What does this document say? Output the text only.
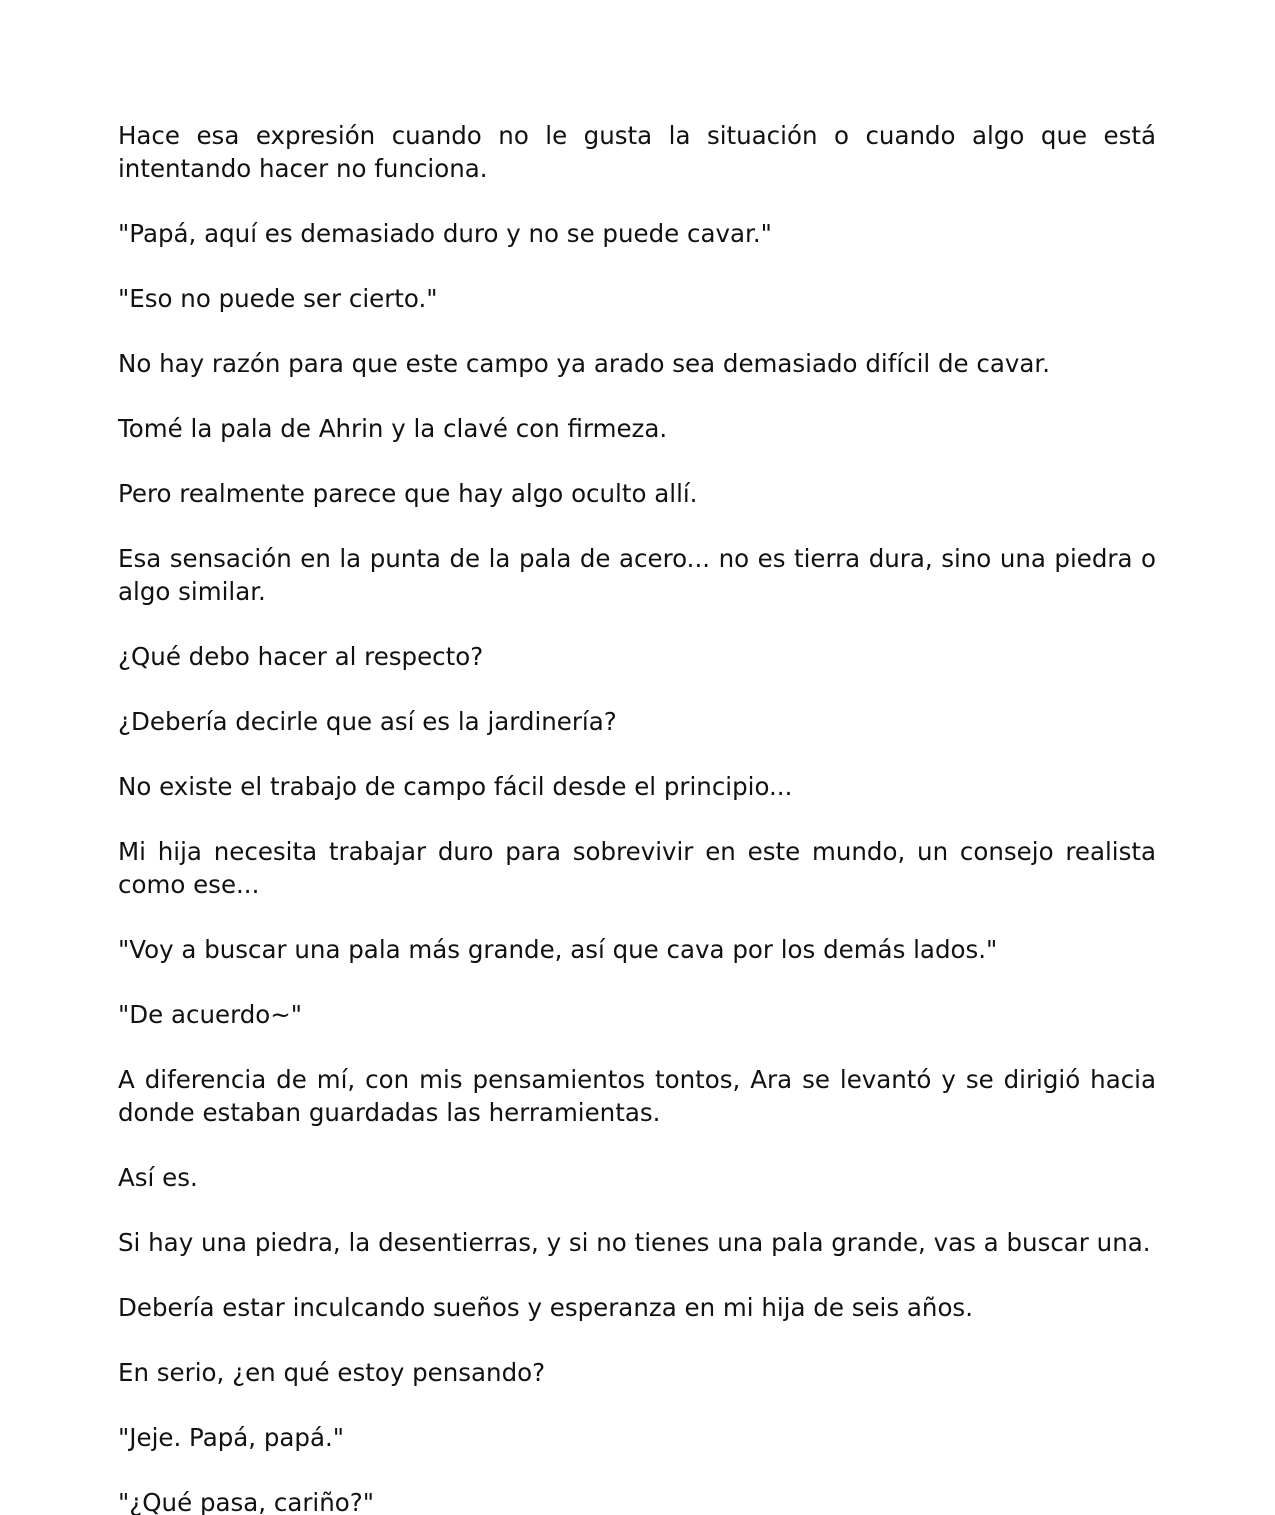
Hace esa expresión cuando no le gusta la situación o cuando algo que está intentando hacer no funciona.

"Papá, aquí es demasiado duro y no se puede cavar."

"Eso no puede ser cierto."

No hay razón para que este campo ya arado sea demasiado difícil de cavar.

Tomé la pala de Ahrin y la clavé con firmeza.

Pero realmente parece que hay algo oculto allí.

Esa sensación en la punta de la pala de acero... no es tierra dura, sino una piedra o algo similar.

¿Qué debo hacer al respecto?

¿Debería decirle que así es la jardinería?

No existe el trabajo de campo fácil desde el principio...

Mi hija necesita trabajar duro para sobrevivir en este mundo, un consejo realista como ese...

"Voy a buscar una pala más grande, así que cava por los demás lados."

"De acuerdo~"

A diferencia de mí, con mis pensamientos tontos, Ara se levantó y se dirigió hacia donde estaban guardadas las herramientas.

Así es.

Si hay una piedra, la desentierras, y si no tienes una pala grande, vas a buscar una.

Debería estar inculcando sueños y esperanza en mi hija de seis años.

En serio, ¿en qué estoy pensando?

"Jeje. Papá, papá."

"¿Qué pasa, cariño?"
